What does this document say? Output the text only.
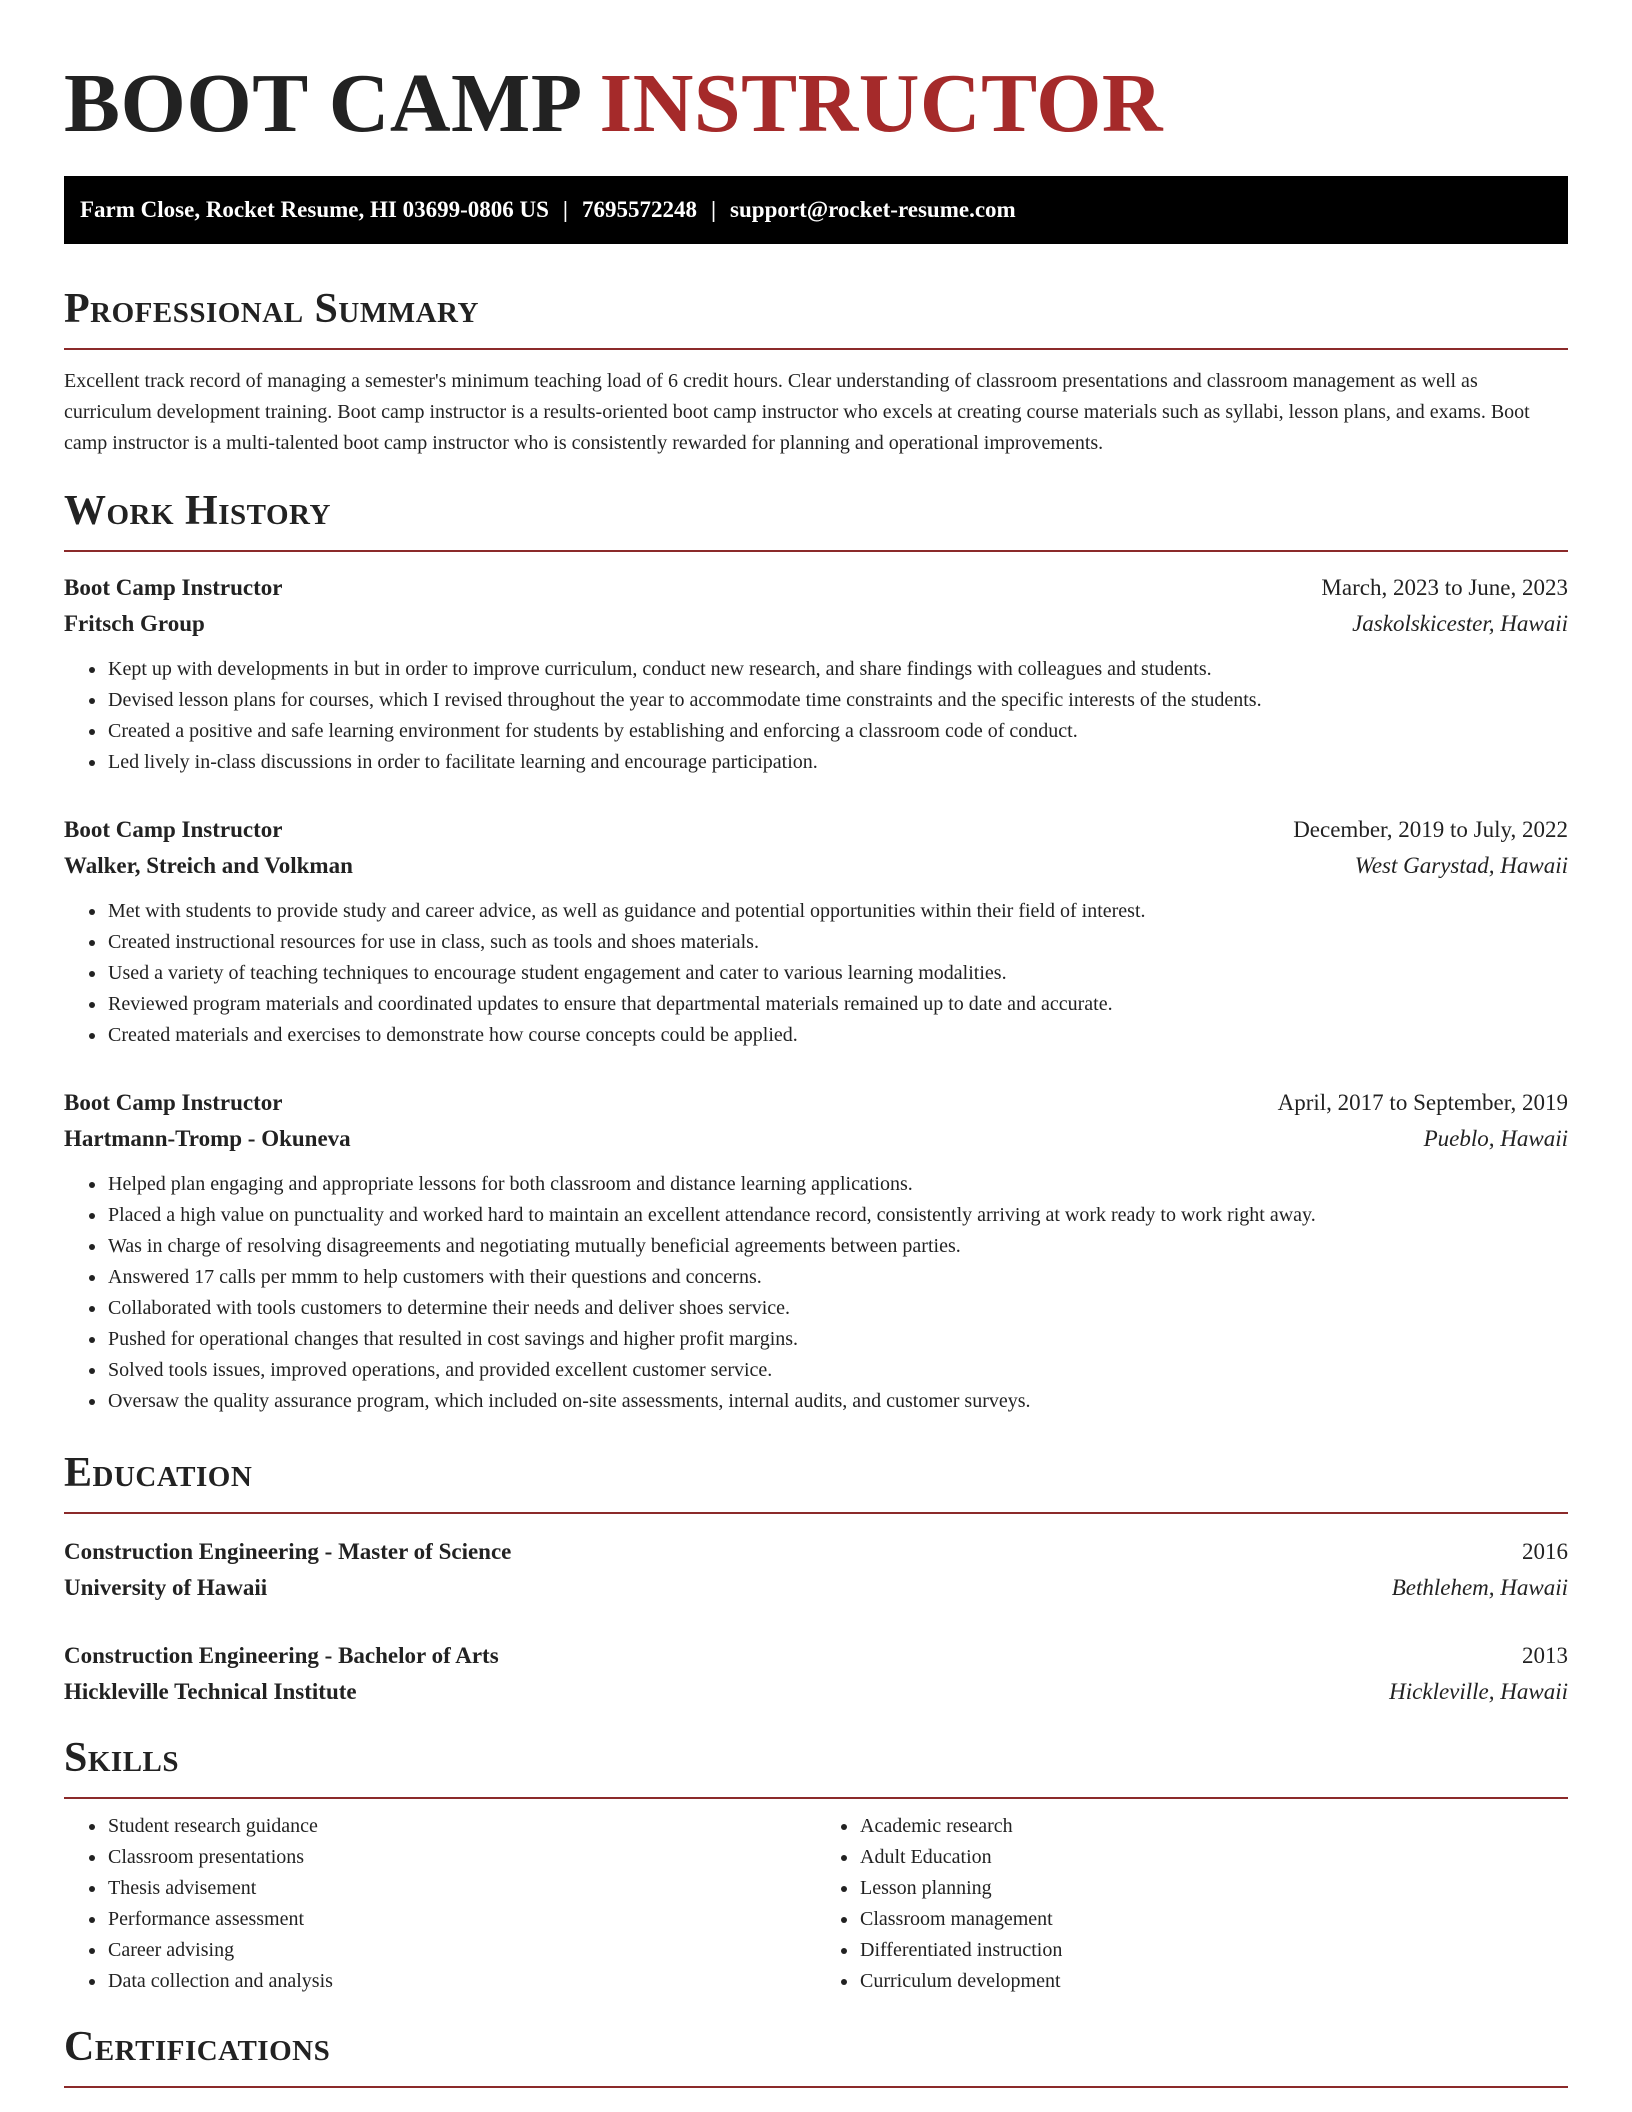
BOOT CAMP INSTRUCTOR
Farm Close, Rocket Resume, HI 03699-0806 US | 7695572248 | support@rocket-resume.com
Professional Summary

Excellent track record of managing a semester's minimum teaching load of 6 credit hours. Clear understanding of classroom presentations and classroom management as well as curriculum development training. Boot camp instructor is a results-oriented boot camp instructor who excels at creating course materials such as syllabi, lesson plans, and exams. Boot camp instructor is a multi-talented boot camp instructor who is consistently rewarded for planning and operational improvements.

Work History
Boot Camp Instructor	March, 2023 to June, 2023
Fritsch Group	Jaskolskicester, Hawaii
• Kept up with developments in but in order to improve curriculum, conduct new research, and share findings with colleagues and students.
• Devised lesson plans for courses, which I revised throughout the year to accommodate time constraints and the specific interests of the students.
• Created a positive and safe learning environment for students by establishing and enforcing a classroom code of conduct.
• Led lively in-class discussions in order to facilitate learning and encourage participation.
Boot Camp Instructor	December, 2019 to July, 2022
Walker, Streich and Volkman	West Garystad, Hawaii
• Met with students to provide study and career advice, as well as guidance and potential opportunities within their field of interest.
• Created instructional resources for use in class, such as tools and shoes materials.
• Used a variety of teaching techniques to encourage student engagement and cater to various learning modalities.
• Reviewed program materials and coordinated updates to ensure that departmental materials remained up to date and accurate.
• Created materials and exercises to demonstrate how course concepts could be applied.
Boot Camp Instructor	April, 2017 to September, 2019
Hartmann-Tromp - Okuneva	Pueblo, Hawaii
• Helped plan engaging and appropriate lessons for both classroom and distance learning applications.
• Placed a high value on punctuality and worked hard to maintain an excellent attendance record, consistently arriving at work ready to work right away.
• Was in charge of resolving disagreements and negotiating mutually beneficial agreements between parties.
• Answered 17 calls per mmm to help customers with their questions and concerns.
• Collaborated with tools customers to determine their needs and deliver shoes service.
• Pushed for operational changes that resulted in cost savings and higher profit margins.
• Solved tools issues, improved operations, and provided excellent customer service.
• Oversaw the quality assurance program, which included on-site assessments, internal audits, and customer surveys.
Education
Construction Engineering - Master of Science	2016
University of Hawaii	Bethlehem, Hawaii
Construction Engineering - Bachelor of Arts	2013
Hickleville Technical Institute	Hickleville, Hawaii
Skills
• Student research guidance
• Classroom presentations
• Thesis advisement
• Performance assessment
• Career advising
• Data collection and analysis
• Academic research
• Adult Education
• Lesson planning
• Classroom management
• Differentiated instruction
• Curriculum development
Certifications
